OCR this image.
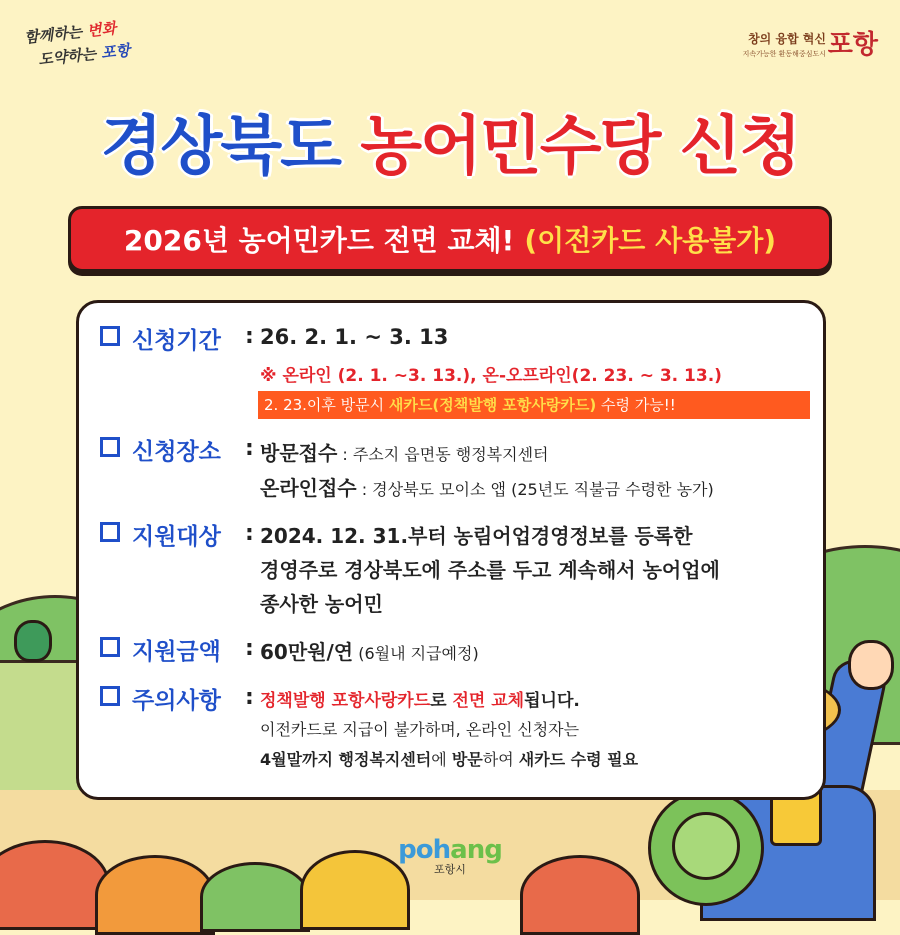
함께하는 변화
도약하는 포항
창의 융합 혁신
지속가능한 환동해중심도시 포항
경상북도 농어민수당 신청
2026년 농어민카드 전면 교체! (이전카드 사용불가)
신청기간 : 26. 2. 1. ~ 3. 13
※ 온라인 (2. 1. ~3. 13.), 온-오프라인(2. 23. ~ 3. 13.)
2. 23.이후 방문시 새카드(정책발행 포항사랑카드) 수령 가능!!
신청장소 : 방문접수 : 주소지 읍면동 행정복지센터
온라인접수 : 경상북도 모이소 앱 (25년도 직불금 수령한 농가)
지원대상 : 2024. 12. 31.부터 농림어업경영정보를 등록한
경영주로 경상북도에 주소를 두고 계속해서 농어업에
종사한 농어민
지원금액 : 60만원/연 (6월내 지급예정)
주의사항 : 정책발행 포항사랑카드로 전면 교체됩니다.
이전카드로 지급이 불가하며, 온라인 신청자는
4월말까지 행정복지센터에 방문하여 새카드 수령 필요
pohang
포항시
